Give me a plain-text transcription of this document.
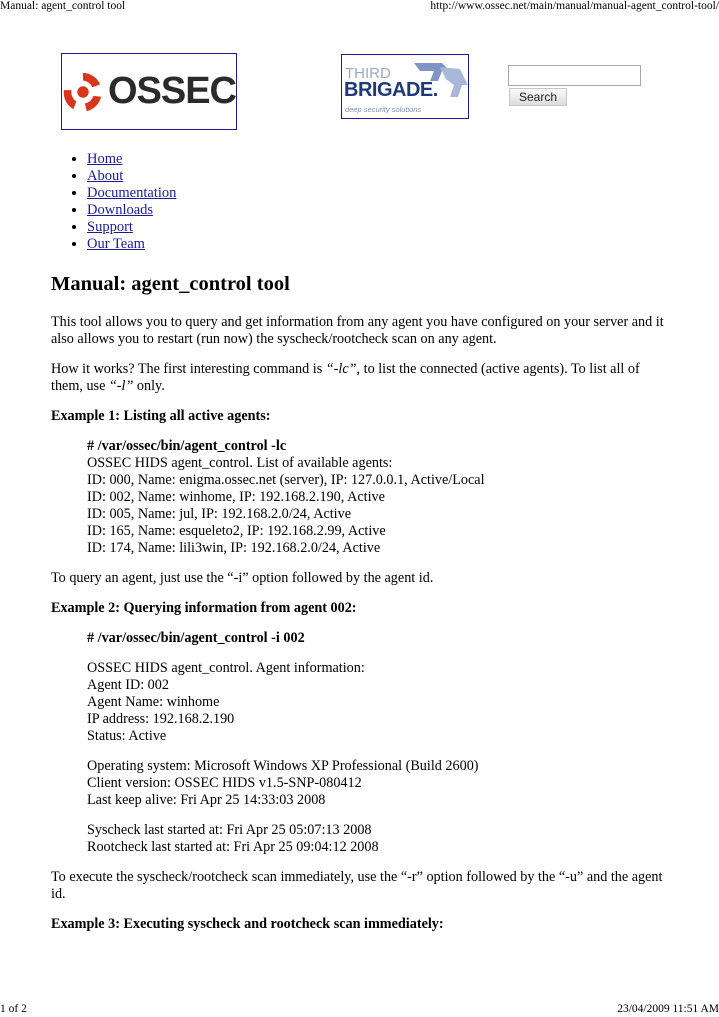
Manual: agent_control tool	http://www.ossec.net/main/manual/manual-agent_control-tool/
OSSEC	THIRD
BRIGADE.
deep security solutions
Search
• Home
• About
• Documentation
• Downloads
• Support
• Our Team
Manual: agent_control tool

This tool allows you to query and get information from any agent you have configured on your server and it also allows you to restart (run now) the syscheck/rootcheck scan on any agent.

How it works? The first interesting command is “-lc”, to list the connected (active agents). To list all of them, use “-l” only.

Example 1: Listing all active agents:
# /var/ossec/bin/agent_control -lc
OSSEC HIDS agent_control. List of available agents:
ID: 000, Name: enigma.ossec.net (server), IP: 127.0.0.1, Active/Local
ID: 002, Name: winhome, IP: 192.168.2.190, Active
ID: 005, Name: jul, IP: 192.168.2.0/24, Active
ID: 165, Name: esqueleto2, IP: 192.168.2.99, Active
ID: 174, Name: lili3win, IP: 192.168.2.0/24, Active

To query an agent, just use the “-i” option followed by the agent id.

Example 2: Querying information from agent 002:
# /var/ossec/bin/agent_control -i 002
OSSEC HIDS agent_control. Agent information:
Agent ID: 002
Agent Name: winhome
IP address: 192.168.2.190
Status: Active
Operating system: Microsoft Windows XP Professional (Build 2600)
Client version: OSSEC HIDS v1.5-SNP-080412
Last keep alive: Fri Apr 25 14:33:03 2008
Syscheck last started at: Fri Apr 25 05:07:13 2008
Rootcheck last started at: Fri Apr 25 09:04:12 2008

To execute the syscheck/rootcheck scan immediately, use the “-r” option followed by the “-u” and the agent id.

Example 3: Executing syscheck and rootcheck scan immediately:
1 of 2	23/04/2009 11:51 AM
